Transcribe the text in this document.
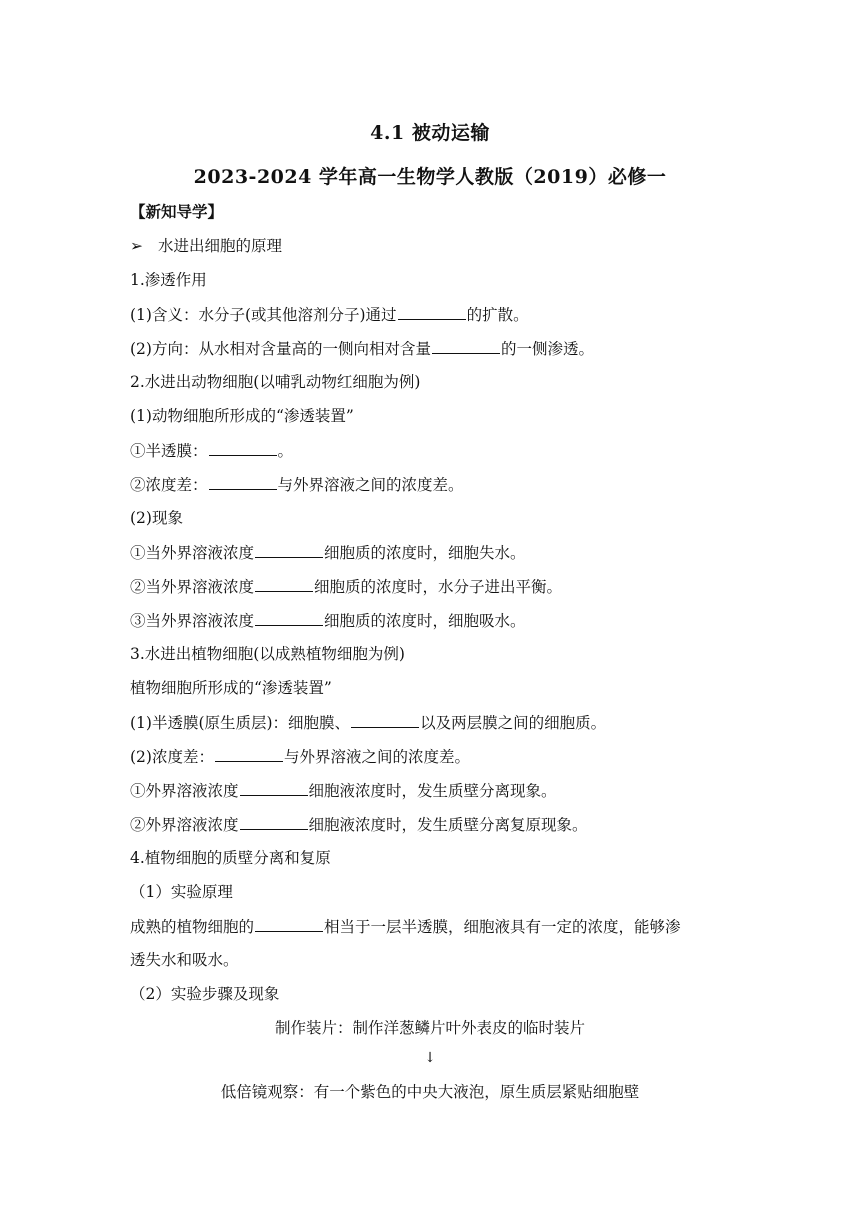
4.1 被动运输
2023-2024 学年高一生物学人教版（2019）必修一
【新知导学】
➢ 水进出细胞的原理
1.渗透作用
(1)含义：水分子(或其他溶剂分子)通过	的扩散。
(2)方向：从水相对含量高的一侧向相对含量	的一侧渗透。
2.水进出动物细胞(以哺乳动物红细胞为例)
(1)动物细胞所形成的“渗透装置”
①半透膜：	。
②浓度差：	与外界溶液之间的浓度差。
(2)现象
①当外界溶液浓度	细胞质的浓度时，细胞失水。
②当外界溶液浓度	细胞质的浓度时，水分子进出平衡。
③当外界溶液浓度	细胞质的浓度时，细胞吸水。
3.水进出植物细胞(以成熟植物细胞为例)
植物细胞所形成的“渗透装置”
(1)半透膜(原生质层)：细胞膜、	以及两层膜之间的细胞质。
(2)浓度差：	与外界溶液之间的浓度差。
①外界溶液浓度	细胞液浓度时，发生质壁分离现象。
②外界溶液浓度	细胞液浓度时，发生质壁分离复原现象。
4.植物细胞的质壁分离和复原
（1）实验原理
成熟的植物细胞的	相当于一层半透膜，细胞液具有一定的浓度，能够渗
透失水和吸水。
（2）实验步骤及现象
制作装片：制作洋葱鳞片叶外表皮的临时装片
↓
低倍镜观察：有一个紫色的中央大液泡，原生质层紧贴细胞壁
